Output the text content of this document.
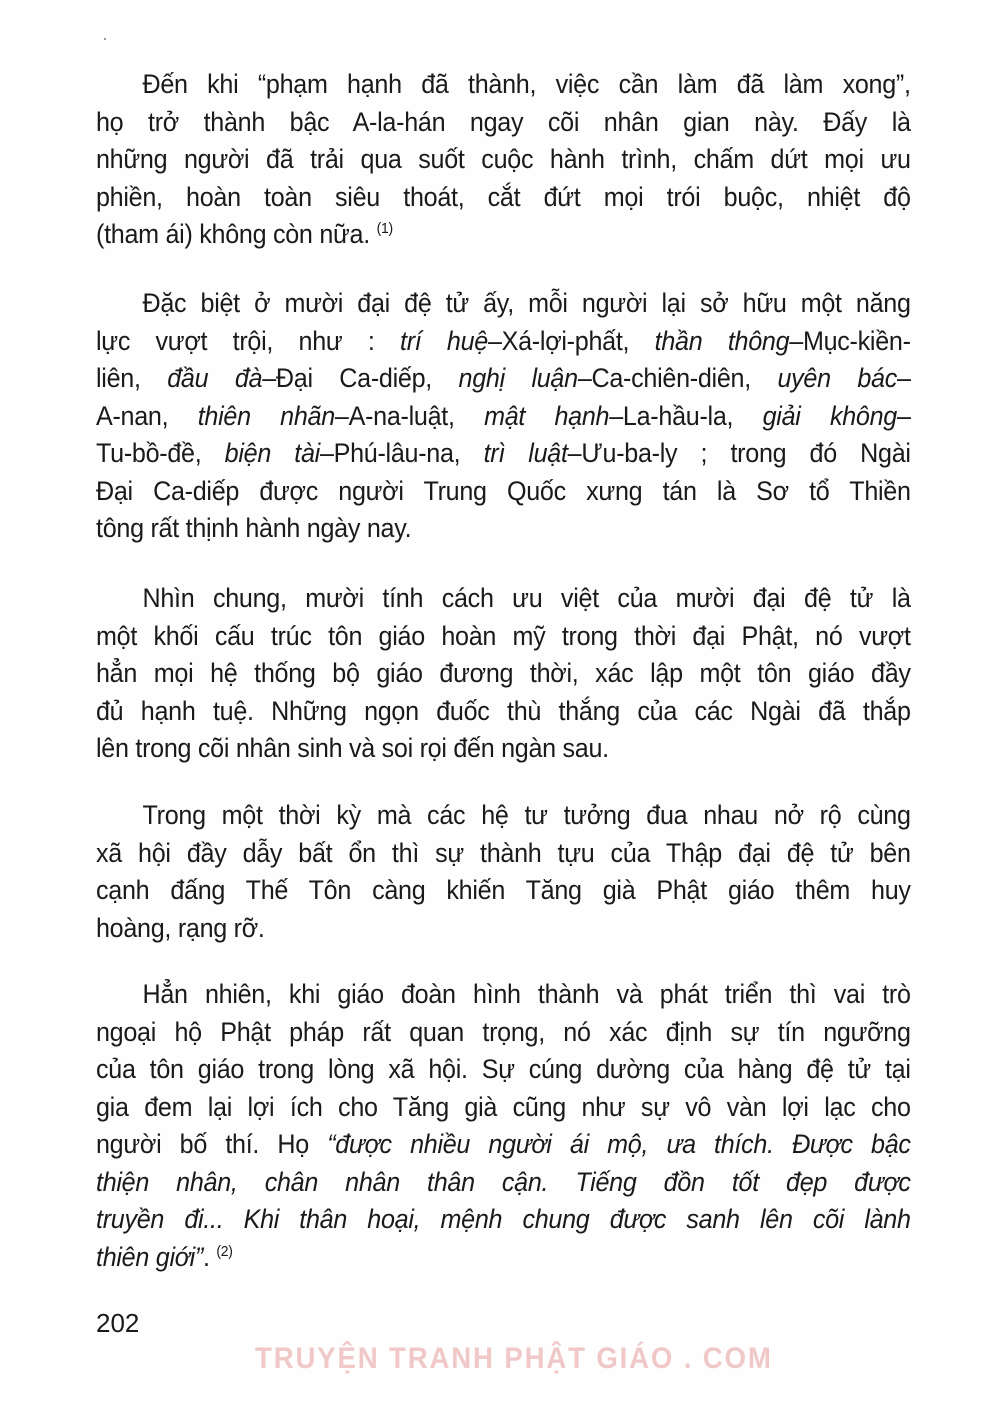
Đến khi “phạm hạnh đã thành, việc cần làm đã làm xong”,
họ trở thành bậc A-la-hán ngay cõi nhân gian này. Đấy là
những người đã trải qua suốt cuộc hành trình, chấm dứt mọi ưu
phiền, hoàn toàn siêu thoát, cắt đứt mọi trói buộc, nhiệt độ
(tham ái) không còn nữa. $^{(1)}$
Đặc biệt ở mười đại đệ tử ấy, mỗi người lại sở hữu một năng
lực vượt trội, như : trí huệ–Xá-lợi-phất, thần thông–Mục-kiền-
liên, đầu đà–Đại Ca-diếp, nghị luận–Ca-chiên-diên, uyên bác–
A-nan, thiên nhãn–A-na-luật, mật hạnh–La-hầu-la, giải không–
Tu-bồ-đề, biện tài–Phú-lâu-na, trì luật–Ưu-ba-ly ; trong đó Ngài
Đại Ca-diếp được người Trung Quốc xưng tán là Sơ tổ Thiền
tông rất thịnh hành ngày nay.
Nhìn chung, mười tính cách ưu việt của mười đại đệ tử là
một khối cấu trúc tôn giáo hoàn mỹ trong thời đại Phật, nó vượt
hẳn mọi hệ thống bộ giáo đương thời, xác lập một tôn giáo đầy
đủ hạnh tuệ. Những ngọn đuốc thù thắng của các Ngài đã thắp
lên trong cõi nhân sinh và soi rọi đến ngàn sau.
Trong một thời kỳ mà các hệ tư tưởng đua nhau nở rộ cùng
xã hội đầy dẫy bất ổn thì sự thành tựu của Thập đại đệ tử bên
cạnh đấng Thế Tôn càng khiến Tăng già Phật giáo thêm huy
hoàng, rạng rỡ.
Hẳn nhiên, khi giáo đoàn hình thành và phát triển thì vai trò
ngoại hộ Phật pháp rất quan trọng, nó xác định sự tín ngưỡng
của tôn giáo trong lòng xã hội. Sự cúng dường của hàng đệ tử tại
gia đem lại lợi ích cho Tăng già cũng như sự vô vàn lợi lạc cho
người bố thí. Họ “được nhiều người ái mộ, ưa thích. Được bậc
thiện nhân, chân nhân thân cận. Tiếng đồn tốt đẹp được
truyền đi... Khi thân hoại, mệnh chung được sanh lên cõi lành
thiên giới”. $^{(2)}$
202
TRUYỆN TRANH PHẬT GIÁO . COM
